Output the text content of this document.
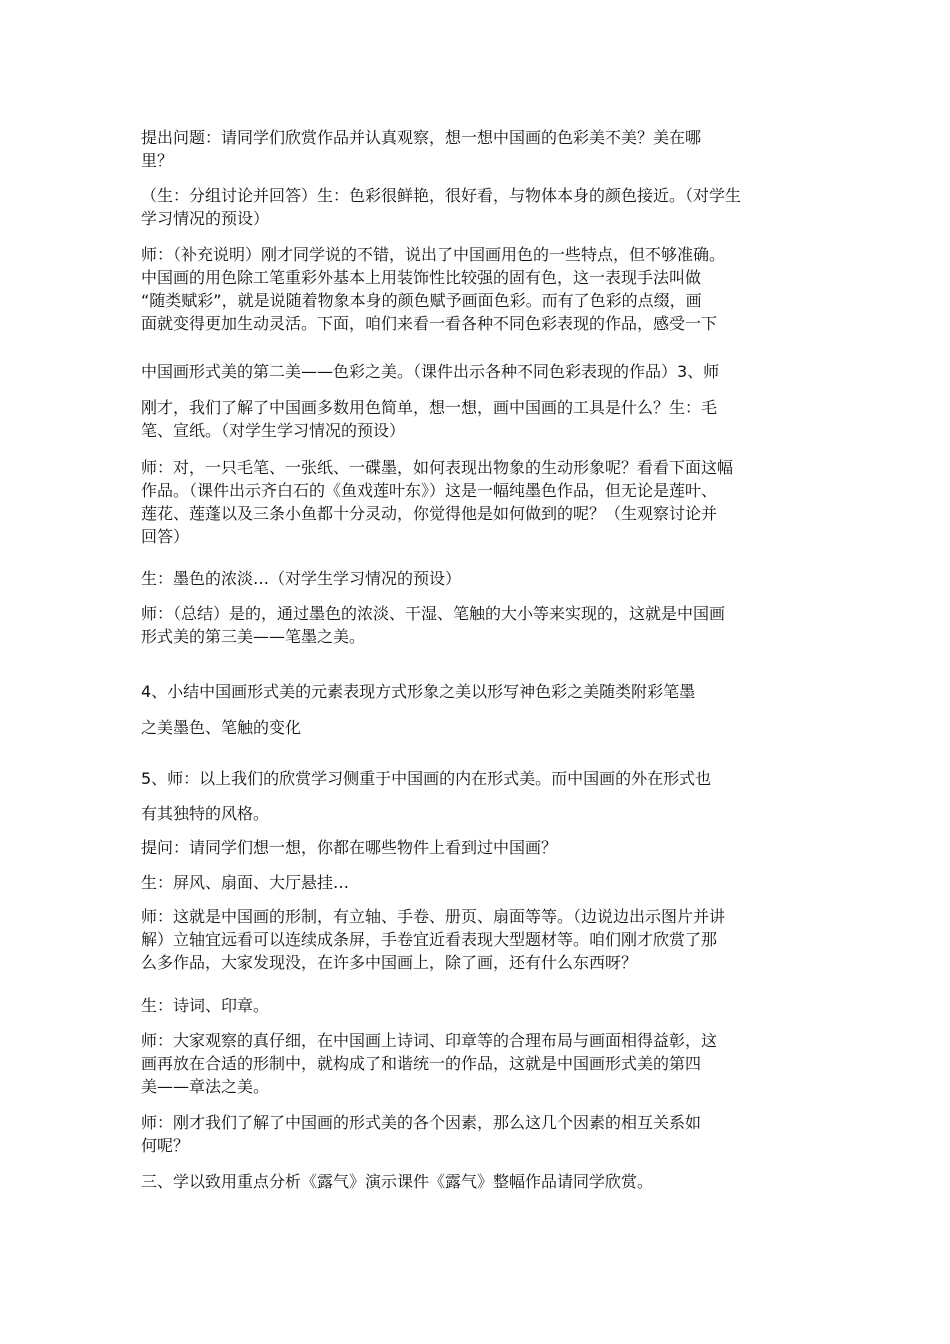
提出问题：请同学们欣赏作品并认真观察，想一想中国画的色彩美不美？美在哪
里？

（生：分组讨论并回答）生：色彩很鲜艳，很好看，与物体本身的颜色接近。（对学生
学习情况的预设）

师：（补充说明）刚才同学说的不错，说出了中国画用色的一些特点，但不够准确。
中国画的用色除工笔重彩外基本上用装饰性比较强的固有色，这一表现手法叫做
“随类赋彩”，就是说随着物象本身的颜色赋予画面色彩。而有了色彩的点缀，画
面就变得更加生动灵活。下面，咱们来看一看各种不同色彩表现的作品，感受一下

中国画形式美的第二美——色彩之美。（课件出示各种不同色彩表现的作品）3、师

刚才，我们了解了中国画多数用色简单，想一想，画中国画的工具是什么？生：毛
笔、宣纸。（对学生学习情况的预设）

师：对，一只毛笔、一张纸、一碟墨，如何表现出物象的生动形象呢？看看下面这幅
作品。（课件出示齐白石的《鱼戏莲叶东》）这是一幅纯墨色作品，但无论是莲叶、
莲花、莲蓬以及三条小鱼都十分灵动，你觉得他是如何做到的呢？（生观察讨论并
回答）

生：墨色的浓淡…（对学生学习情况的预设）

师：（总结）是的，通过墨色的浓淡、干湿、笔触的大小等来实现的，这就是中国画
形式美的第三美——笔墨之美。

4、小结中国画形式美的元素表现方式形象之美以形写神色彩之美随类附彩笔墨

之美墨色、笔触的变化

5、师：以上我们的欣赏学习侧重于中国画的内在形式美。而中国画的外在形式也

有其独特的风格。

提问：请同学们想一想，你都在哪些物件上看到过中国画？

生：屏风、扇面、大厅悬挂…

师：这就是中国画的形制，有立轴、手卷、册页、扇面等等。（边说边出示图片并讲
解）立轴宜远看可以连续成条屏，手卷宜近看表现大型题材等。咱们刚才欣赏了那
么多作品，大家发现没，在许多中国画上，除了画，还有什么东西呀？

生：诗词、印章。

师：大家观察的真仔细，在中国画上诗词、印章等的合理布局与画面相得益彰，这
画再放在合适的形制中，就构成了和谐统一的作品，这就是中国画形式美的第四
美——章法之美。

师：刚才我们了解了中国画的形式美的各个因素，那么这几个因素的相互关系如
何呢？

三、学以致用重点分析《露气》演示课件《露气》整幅作品请同学欣赏。
